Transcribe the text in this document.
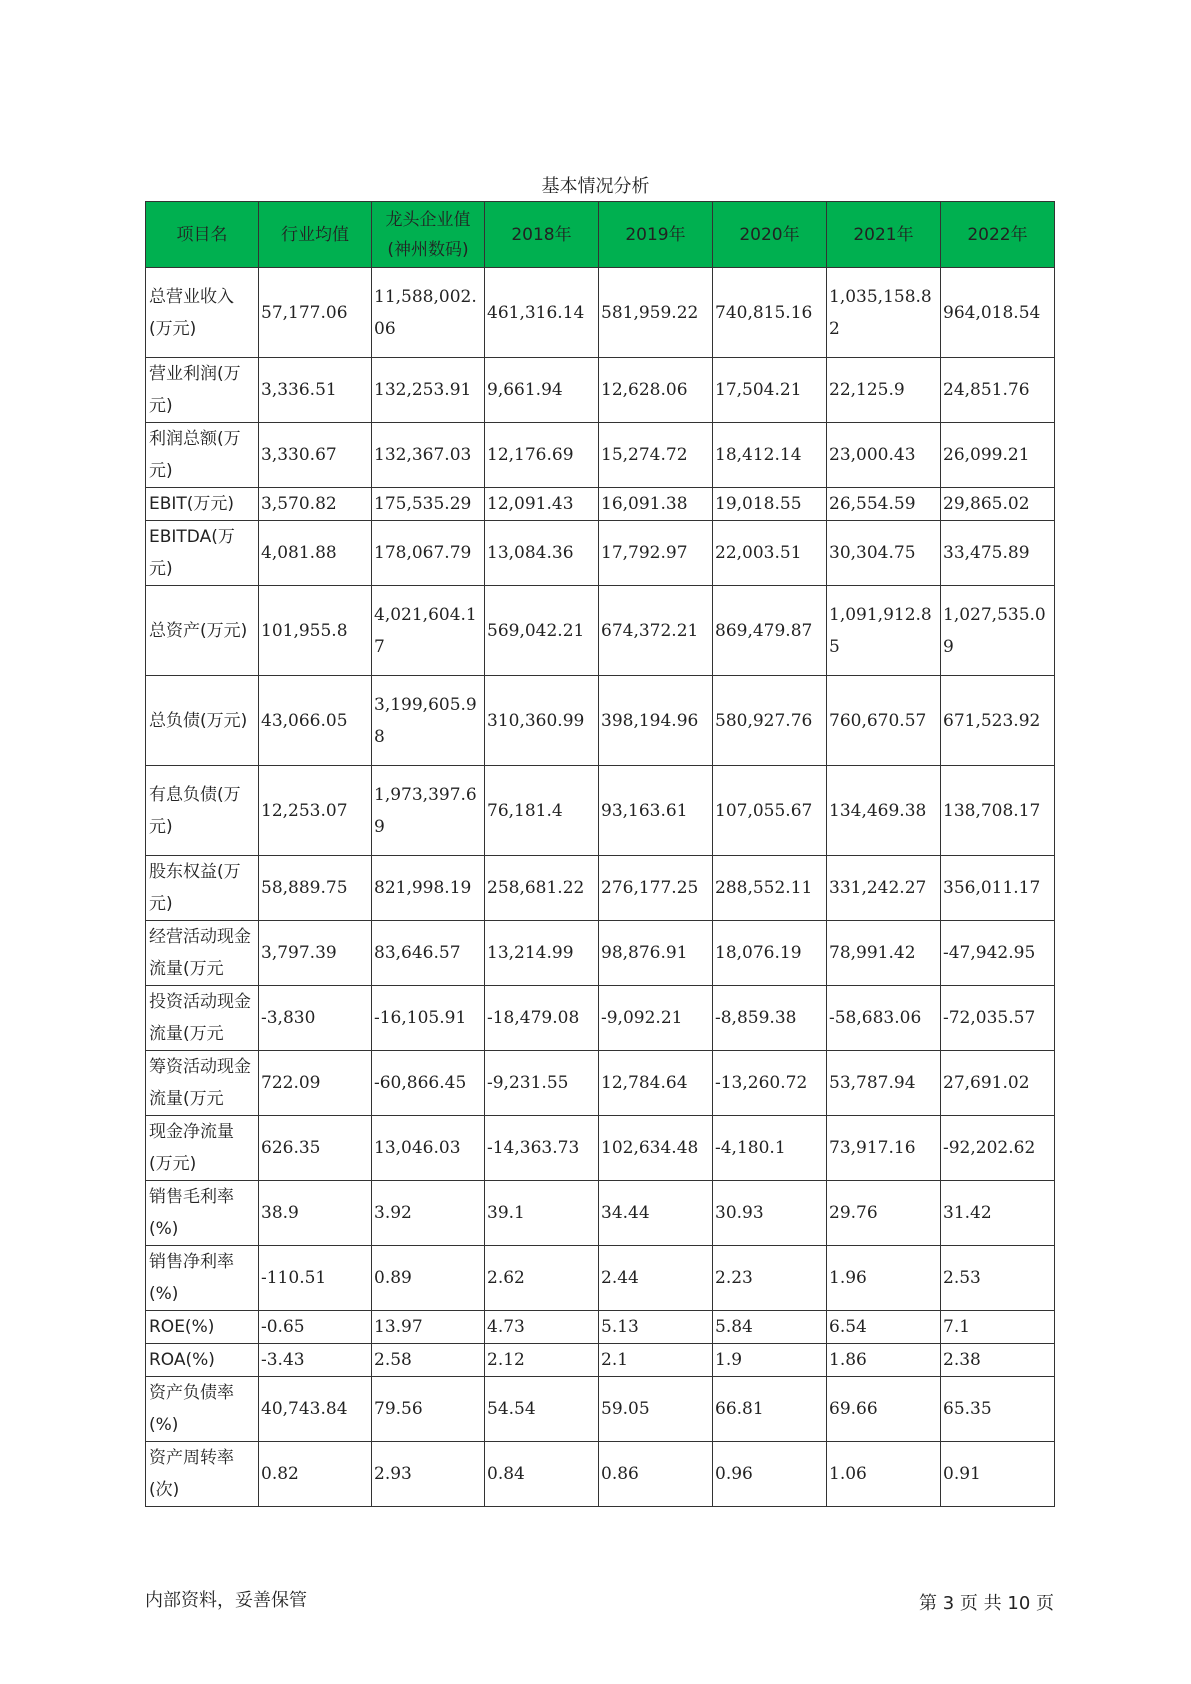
基本情况分析
项目名	行业均值	龙头企业值(神州数码)	2018年	2019年	2020年	2021年	2022年
总营业收入(万元)	57,177.06	11,588,002.06	461,316.14	581,959.22	740,815.16	1,035,158.82	964,018.54
营业利润(万元)	3,336.51	132,253.91	9,661.94	12,628.06	17,504.21	22,125.9	24,851.76
利润总额(万元)	3,330.67	132,367.03	12,176.69	15,274.72	18,412.14	23,000.43	26,099.21
EBIT(万元)	3,570.82	175,535.29	12,091.43	16,091.38	19,018.55	26,554.59	29,865.02
EBITDA(万元)	4,081.88	178,067.79	13,084.36	17,792.97	22,003.51	30,304.75	33,475.89
总资产(万元)	101,955.8	4,021,604.17	569,042.21	674,372.21	869,479.87	1,091,912.85	1,027,535.09
总负债(万元)	43,066.05	3,199,605.98	310,360.99	398,194.96	580,927.76	760,670.57	671,523.92
有息负债(万元)	12,253.07	1,973,397.69	76,181.4	93,163.61	107,055.67	134,469.38	138,708.17
股东权益(万元)	58,889.75	821,998.19	258,681.22	276,177.25	288,552.11	331,242.27	356,011.17
经营活动现金流量(万元	3,797.39	83,646.57	13,214.99	98,876.91	18,076.19	78,991.42	-47,942.95
投资活动现金流量(万元	-3,830	-16,105.91	-18,479.08	-9,092.21	-8,859.38	-58,683.06	-72,035.57
筹资活动现金流量(万元	722.09	-60,866.45	-9,231.55	12,784.64	-13,260.72	53,787.94	27,691.02
现金净流量(万元)	626.35	13,046.03	-14,363.73	102,634.48	-4,180.1	73,917.16	-92,202.62
销售毛利率(%)	38.9	3.92	39.1	34.44	30.93	29.76	31.42
销售净利率(%)	-110.51	0.89	2.62	2.44	2.23	1.96	2.53
ROE(%)	-0.65	13.97	4.73	5.13	5.84	6.54	7.1
ROA(%)	-3.43	2.58	2.12	2.1	1.9	1.86	2.38
资产负债率(%)	40,743.84	79.56	54.54	59.05	66.81	69.66	65.35
资产周转率(次)	0.82	2.93	0.84	0.86	0.96	1.06	0.91
内部资料，妥善保管	第 3 页 共 10 页
